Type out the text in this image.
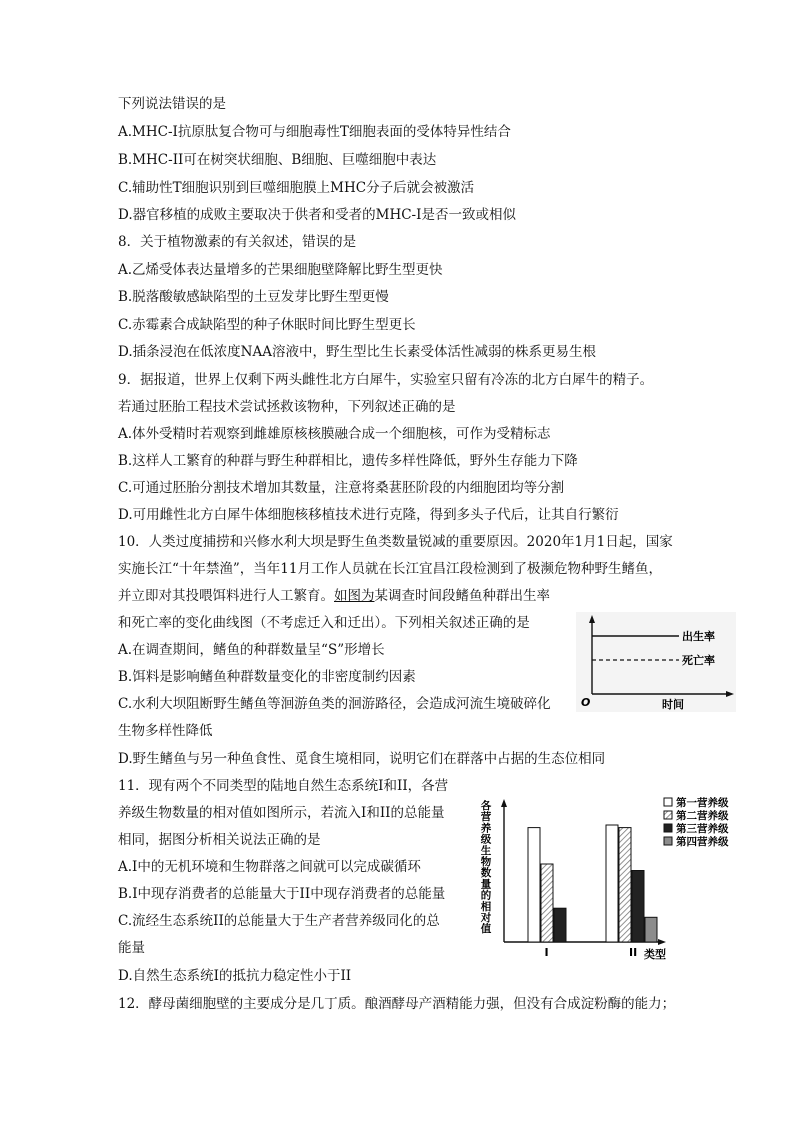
下列说法错误的是
A.MHC-I抗原肽复合物可与细胞毒性T细胞表面的受体特异性结合
B.MHC-II可在树突状细胞、B细胞、巨噬细胞中表达
C.辅助性T细胞识别到巨噬细胞膜上MHC分子后就会被激活
D.器官移植的成败主要取决于供者和受者的MHC-I是否一致或相似
8．关于植物激素的有关叙述，错误的是
A.乙烯受体表达量增多的芒果细胞壁降解比野生型更快
B.脱落酸敏感缺陷型的土豆发芽比野生型更慢
C.赤霉素合成缺陷型的种子休眠时间比野生型更长
D.插条浸泡在低浓度NAA溶液中，野生型比生长素受体活性减弱的株系更易生根
9．据报道，世界上仅剩下两头雌性北方白犀牛，实验室只留有冷冻的北方白犀牛的精子。
若通过胚胎工程技术尝试拯救该物种，下列叙述正确的是
A.体外受精时若观察到雌雄原核核膜融合成一个细胞核，可作为受精标志
B.这样人工繁育的种群与野生种群相比，遗传多样性降低，野外生存能力下降
C.可通过胚胎分割技术增加其数量，注意将桑葚胚阶段的内细胞团均等分割
D.可用雌性北方白犀牛体细胞核移植技术进行克隆，得到多头子代后，让其自行繁衍
10．人类过度捕捞和兴修水利大坝是野生鱼类数量锐减的重要原因。2020年1月1日起，国家
实施长江“十年禁渔”，当年11月工作人员就在长江宜昌江段检测到了极濒危物种野生鳍鱼，
并立即对其投喂饵料进行人工繁育。如图为某调查时间段鳍鱼种群出生率
和死亡率的变化曲线图（不考虑迁入和迁出）。下列相关叙述正确的是
A.在调查期间，鳍鱼的种群数量呈“S”形增长
B.饵料是影响鳍鱼种群数量变化的非密度制约因素
C.水利大坝阻断野生鳍鱼等洄游鱼类的洄游路径，会造成河流生境破碎化
生物多样性降低
D.野生鳍鱼与另一种鱼食性、觅食生境相同，说明它们在群落中占据的生态位相同
出生率
死亡率
O	时间
11．现有两个不同类型的陆地自然生态系统I和II，各营
养级生物数量的相对值如图所示，若流入I和II的总能量
相同，据图分析相关说法正确的是
A.I中的无机环境和生物群落之间就可以完成碳循环
B.I中现存消费者的总能量大于II中现存消费者的总能量
C.流经生态系统II的总能量大于生产者营养级同化的总
能量
D.自然生态系统I的抵抗力稳定性小于II
各
营
养
级
生
物
数
量
的
相
对
值
I	II 类型
第一营养级
第二营养级
第三营养级
第四营养级
12．酵母菌细胞壁的主要成分是几丁质。酿酒酵母产酒精能力强，但没有合成淀粉酶的能力；
